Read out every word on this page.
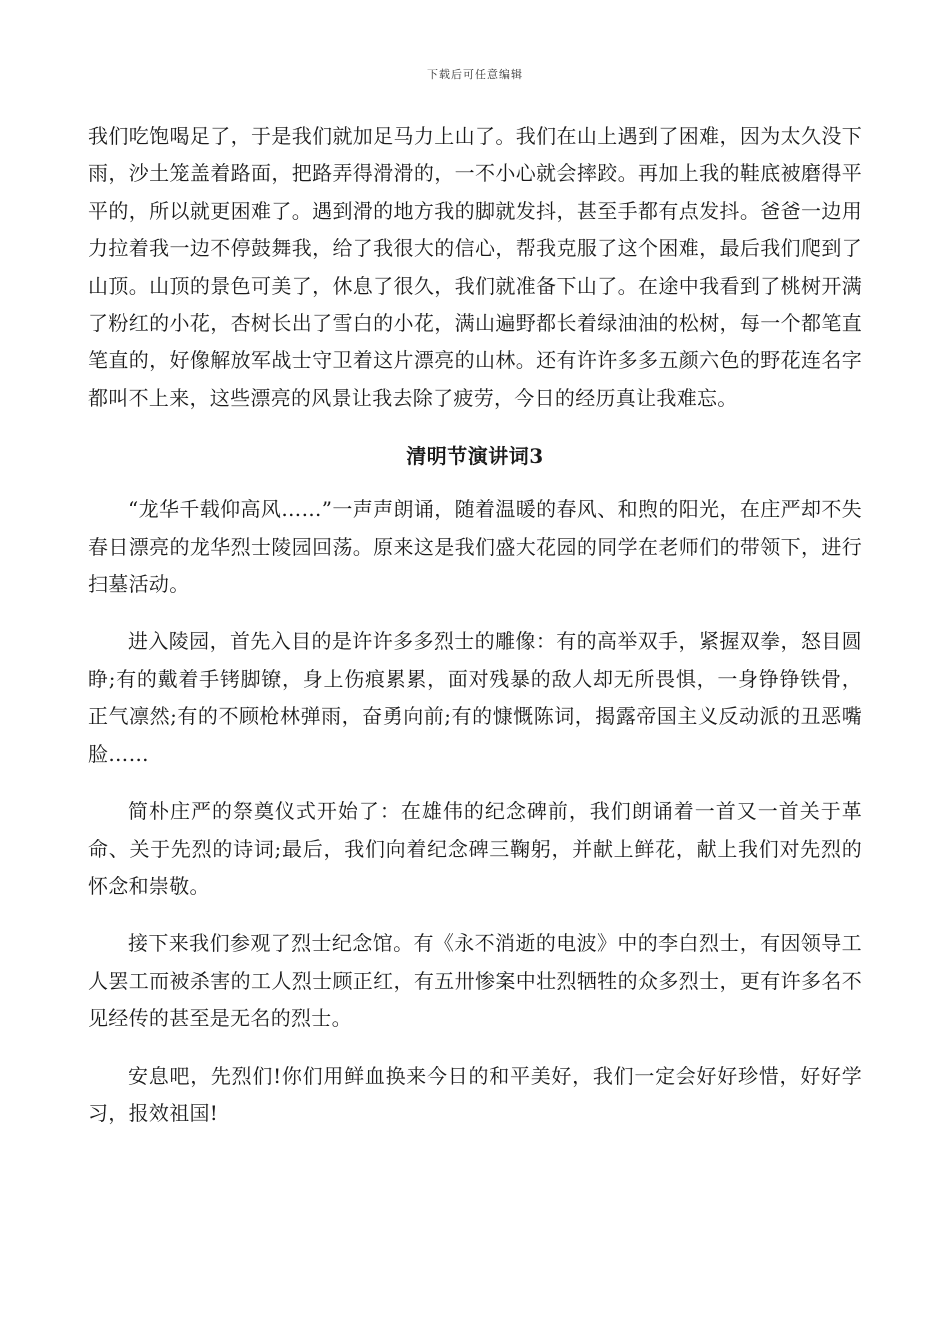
下载后可任意编辑

我们吃饱喝足了，于是我们就加足马力上山了。我们在山上遇到了困难，因为太久没下雨，沙土笼盖着路面，把路弄得滑滑的，一不小心就会摔跤。再加上我的鞋底被磨得平平的，所以就更困难了。遇到滑的地方我的脚就发抖，甚至手都有点发抖。爸爸一边用力拉着我一边不停鼓舞我，给了我很大的信心，帮我克服了这个困难，最后我们爬到了山顶。山顶的景色可美了，休息了很久，我们就准备下山了。在途中我看到了桃树开满了粉红的小花，杏树长出了雪白的小花，满山遍野都长着绿油油的松树，每一个都笔直笔直的，好像解放军战士守卫着这片漂亮的山林。还有许许多多五颜六色的野花连名字都叫不上来，这些漂亮的风景让我去除了疲劳，今日的经历真让我难忘。

清明节演讲词3

“龙华千载仰高风……”一声声朗诵，随着温暖的春风、和煦的阳光，在庄严却不失春日漂亮的龙华烈士陵园回荡。原来这是我们盛大花园的同学在老师们的带领下，进行扫墓活动。

进入陵园，首先入目的是许许多多烈士的雕像：有的高举双手，紧握双拳，怒目圆睁;有的戴着手铐脚镣，身上伤痕累累，面对残暴的敌人却无所畏惧，一身铮铮铁骨，正气凛然;有的不顾枪林弹雨，奋勇向前;有的慷慨陈词，揭露帝国主义反动派的丑恶嘴脸……

简朴庄严的祭奠仪式开始了：在雄伟的纪念碑前，我们朗诵着一首又一首关于革命、关于先烈的诗词;最后，我们向着纪念碑三鞠躬，并献上鲜花，献上我们对先烈的怀念和崇敬。

接下来我们参观了烈士纪念馆。有《永不消逝的电波》中的李白烈士，有因领导工人罢工而被杀害的工人烈士顾正红，有五卅惨案中壮烈牺牲的众多烈士，更有许多名不见经传的甚至是无名的烈士。

安息吧，先烈们!你们用鲜血换来今日的和平美好，我们一定会好好珍惜，好好学习，报效祖国!
